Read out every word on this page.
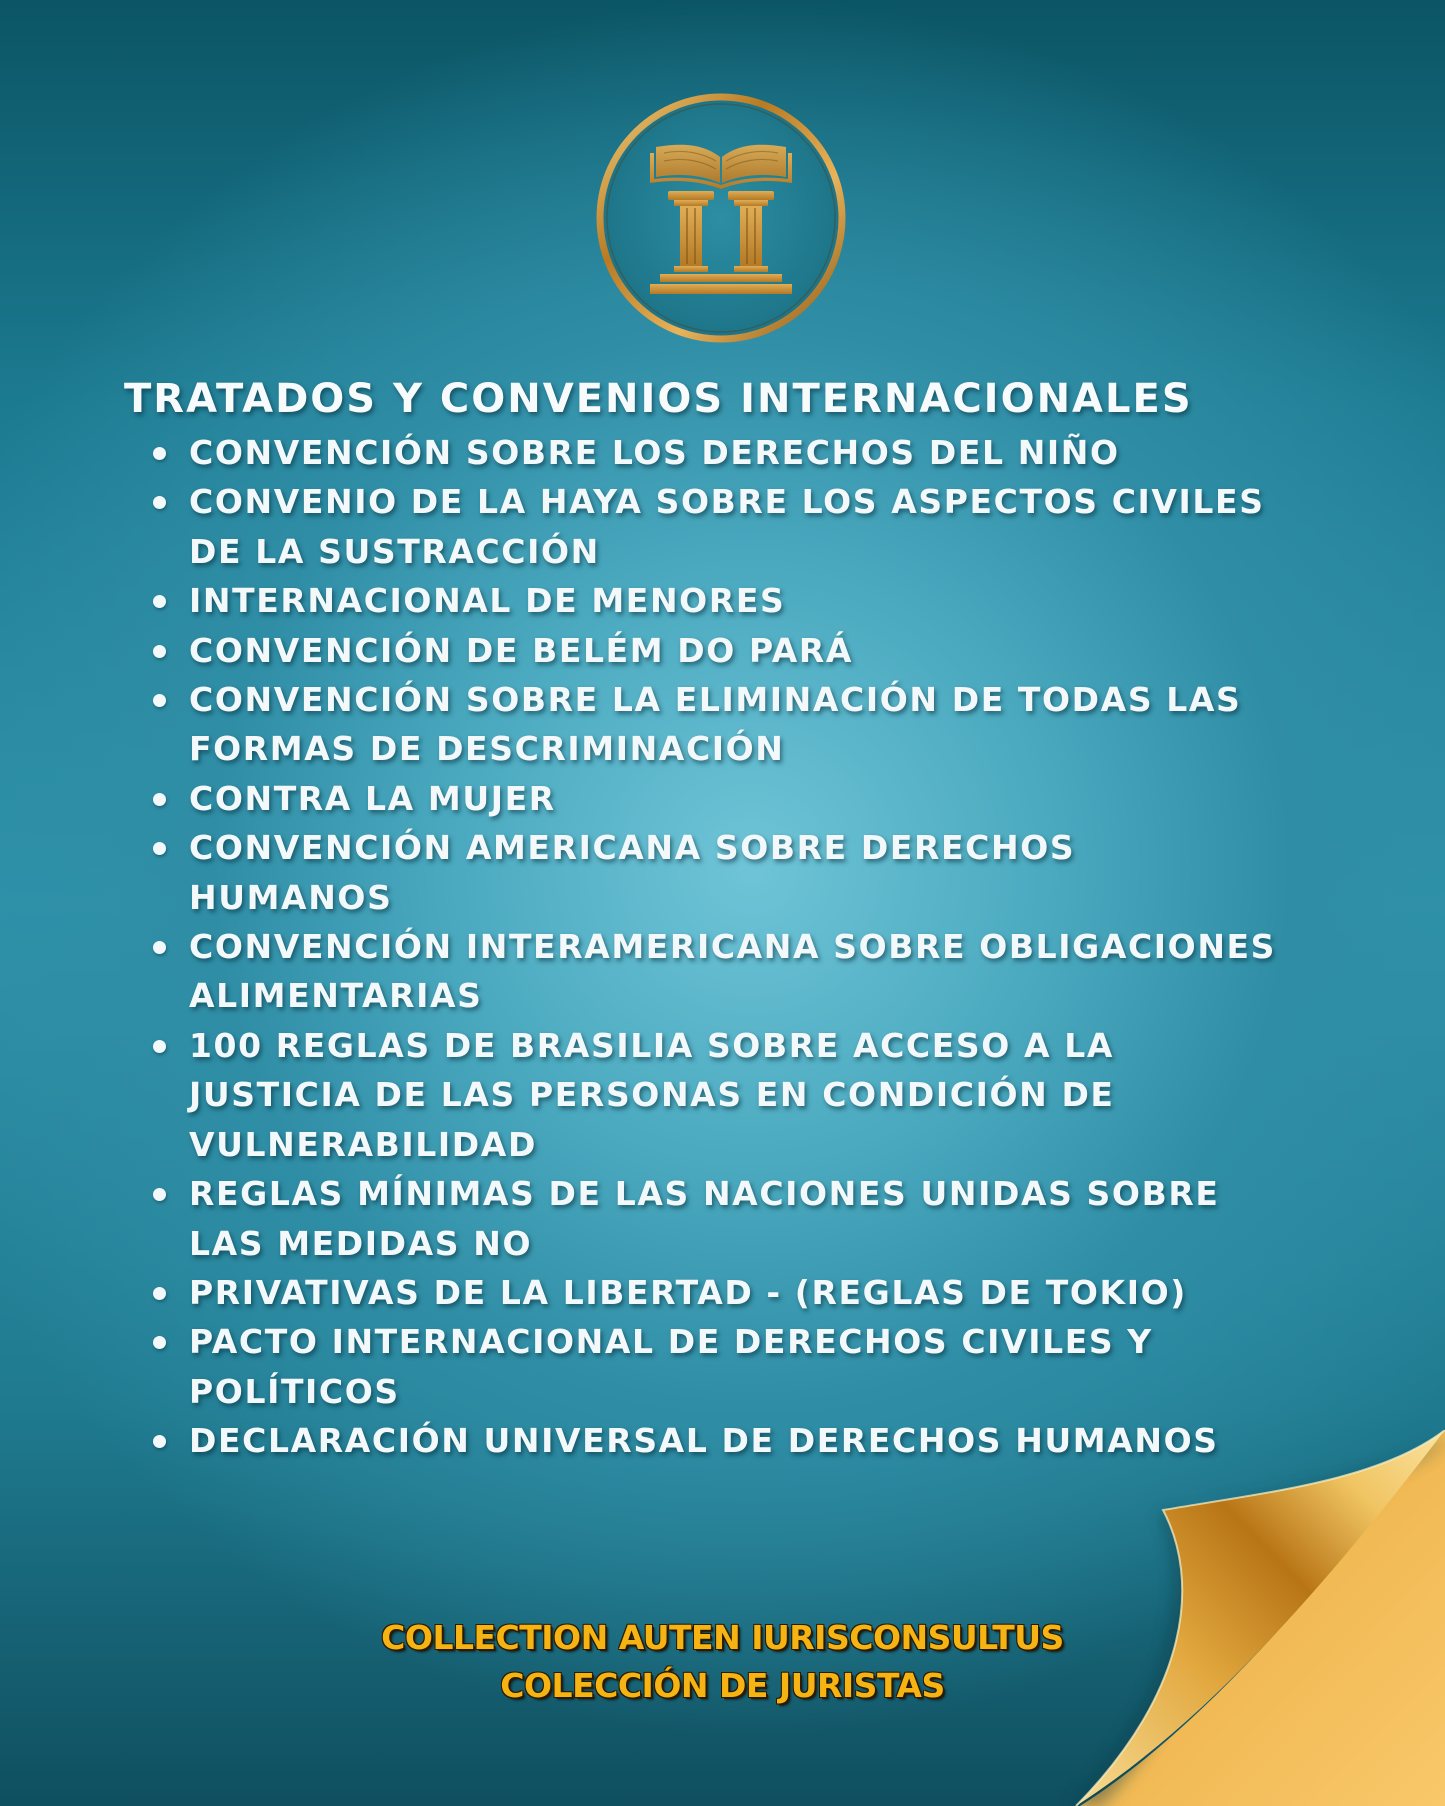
TRATADOS Y CONVENIOS INTERNACIONALES
CONVENCIÓN SOBRE LOS DERECHOS DEL NIÑO
CONVENIO DE LA HAYA SOBRE LOS ASPECTOS CIVILES DE LA SUSTRACCIÓN
INTERNACIONAL DE MENORES
CONVENCIÓN DE BELÉM DO PARÁ
CONVENCIÓN SOBRE LA ELIMINACIÓN DE TODAS LAS FORMAS DE DESCRIMINACIÓN
CONTRA LA MUJER
CONVENCIÓN AMERICANA SOBRE DERECHOS HUMANOS
CONVENCIÓN INTERAMERICANA SOBRE OBLIGACIONES ALIMENTARIAS
100 REGLAS DE BRASILIA SOBRE ACCESO A LA JUSTICIA DE LAS PERSONAS EN CONDICIÓN DE VULNERABILIDAD
REGLAS MÍNIMAS DE LAS NACIONES UNIDAS SOBRE LAS MEDIDAS NO
PRIVATIVAS DE LA LIBERTAD - (REGLAS DE TOKIO)
PACTO INTERNACIONAL DE DERECHOS CIVILES Y POLÍTICOS
DECLARACIÓN UNIVERSAL DE DERECHOS HUMANOS
COLLECTION AUTEN IURISCONSULTUS
COLECCIÓN DE JURISTAS
